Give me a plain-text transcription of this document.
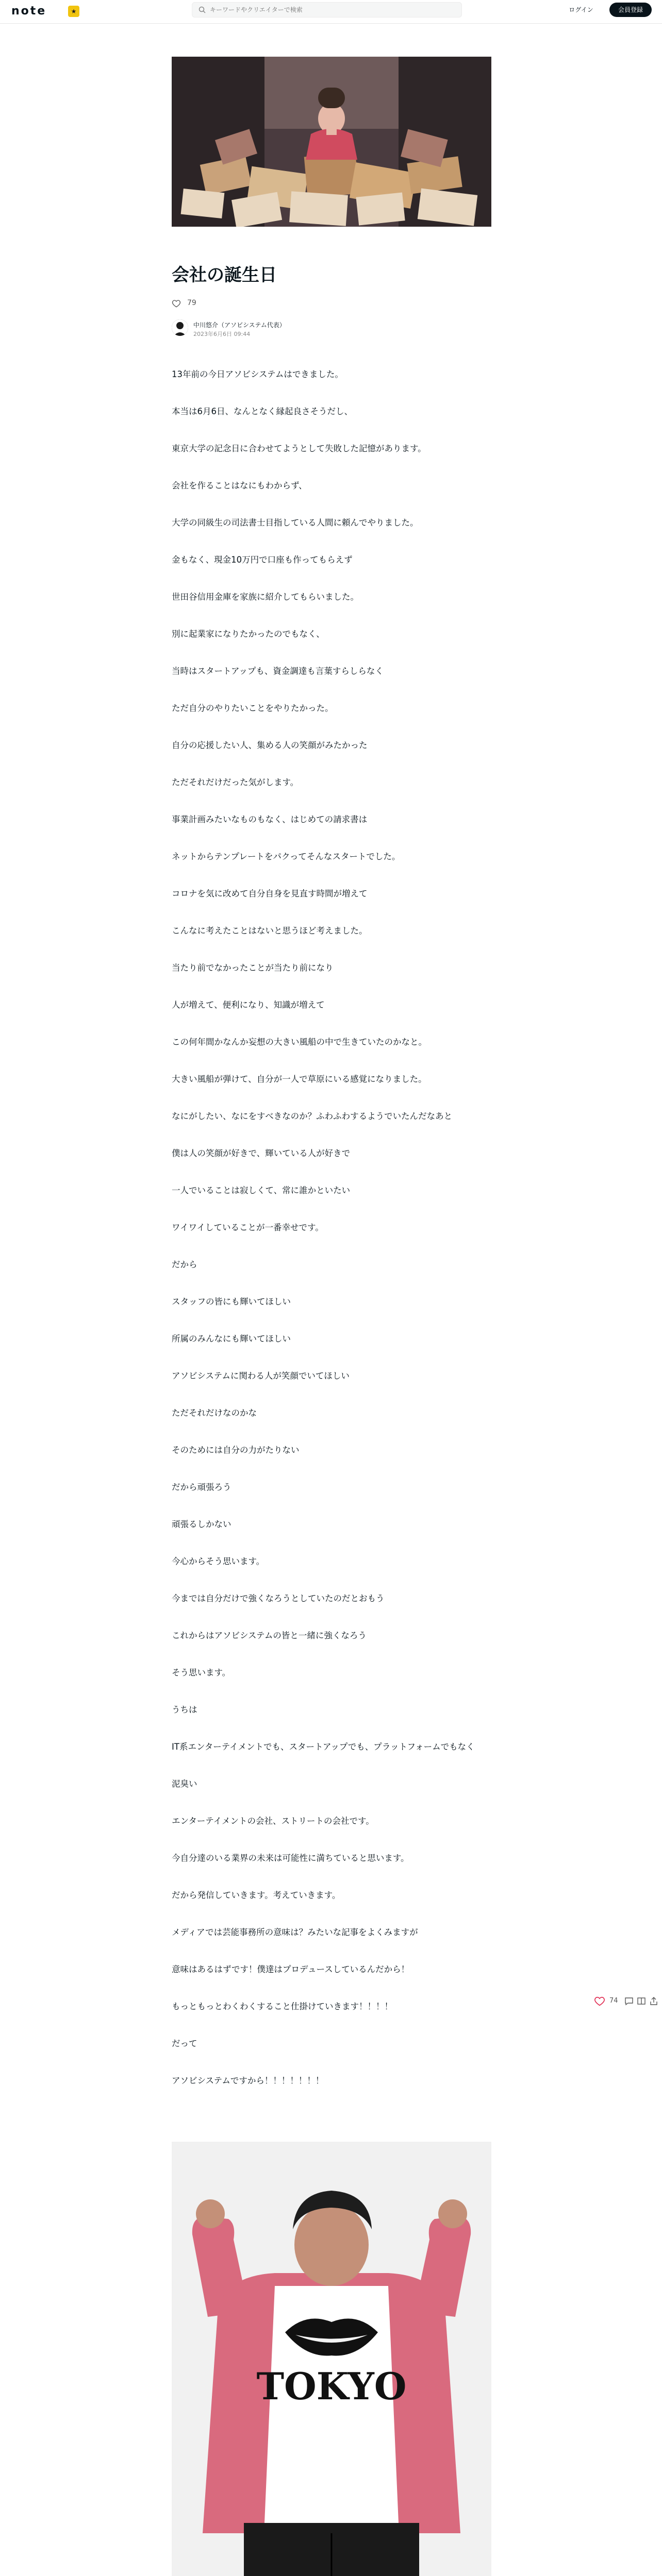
note	★
キーワードやクリエイターで検索	ログイン	会員登録
会社の誕生日
79
中川悠介（アソビシステム代表）
2023年6月6日 09:44

13年前の今日アソビシステムはできました。

本当は6月6日、なんとなく縁起良さそうだし、

東京大学の記念日に合わせてようとして失敗した記憶があります。

会社を作ることはなにもわからず、

大学の同級生の司法書士目指している人間に頼んでやりました。

金もなく、現金10万円で口座も作ってもらえず

世田谷信用金庫を家族に紹介してもらいました。

別に起業家になりたかったのでもなく、

当時はスタートアップも、資金調達も言葉すらしらなく

ただ自分のやりたいことをやりたかった。

自分の応援したい人、集める人の笑顔がみたかった

ただそれだけだった気がします。

事業計画みたいなものもなく、はじめての請求書は

ネットからテンプレートをパクってそんなスタートでした。

コロナを気に改めて自分自身を見直す時間が増えて

こんなに考えたことはないと思うほど考えました。

当たり前でなかったことが当たり前になり

人が増えて、便利になり、知識が増えて

この何年間かなんか妄想の大きい風船の中で生きていたのかなと。

大きい風船が弾けて、自分が一人で草原にいる感覚になりました。

なにがしたい、なにをすべきなのか？ふわふわするようでいたんだなあと

僕は人の笑顔が好きで、輝いている人が好きで

一人でいることは寂しくて、常に誰かといたい

ワイワイしていることが一番幸せです。

だから

スタッフの皆にも輝いてほしい

所属のみんなにも輝いてほしい

アソビシステムに関わる人が笑顔でいてほしい

ただそれだけなのかな

そのためには自分の力がたりない

だから頑張ろう

頑張るしかない

今心からそう思います。

今までは自分だけで強くなろうとしていたのだとおもう

これからはアソビシステムの皆と一緒に強くなろう

そう思います。

うちは

IT系エンターテイメントでも、スタートアップでも、プラットフォームでもなく

泥臭い

エンターテイメントの会社、ストリートの会社です。

今自分達のいる業界の未来は可能性に満ちていると思います。

だから発信していきます。考えていきます。

メディアでは芸能事務所の意味は？みたいな記事をよくみますが

意味はあるはずです！僕達はプロデュースしているんだから！

もっともっとわくわくすること仕掛けていきます！！！！

だって

アソビシステムですから！！！！！！！

74
TOKYO
